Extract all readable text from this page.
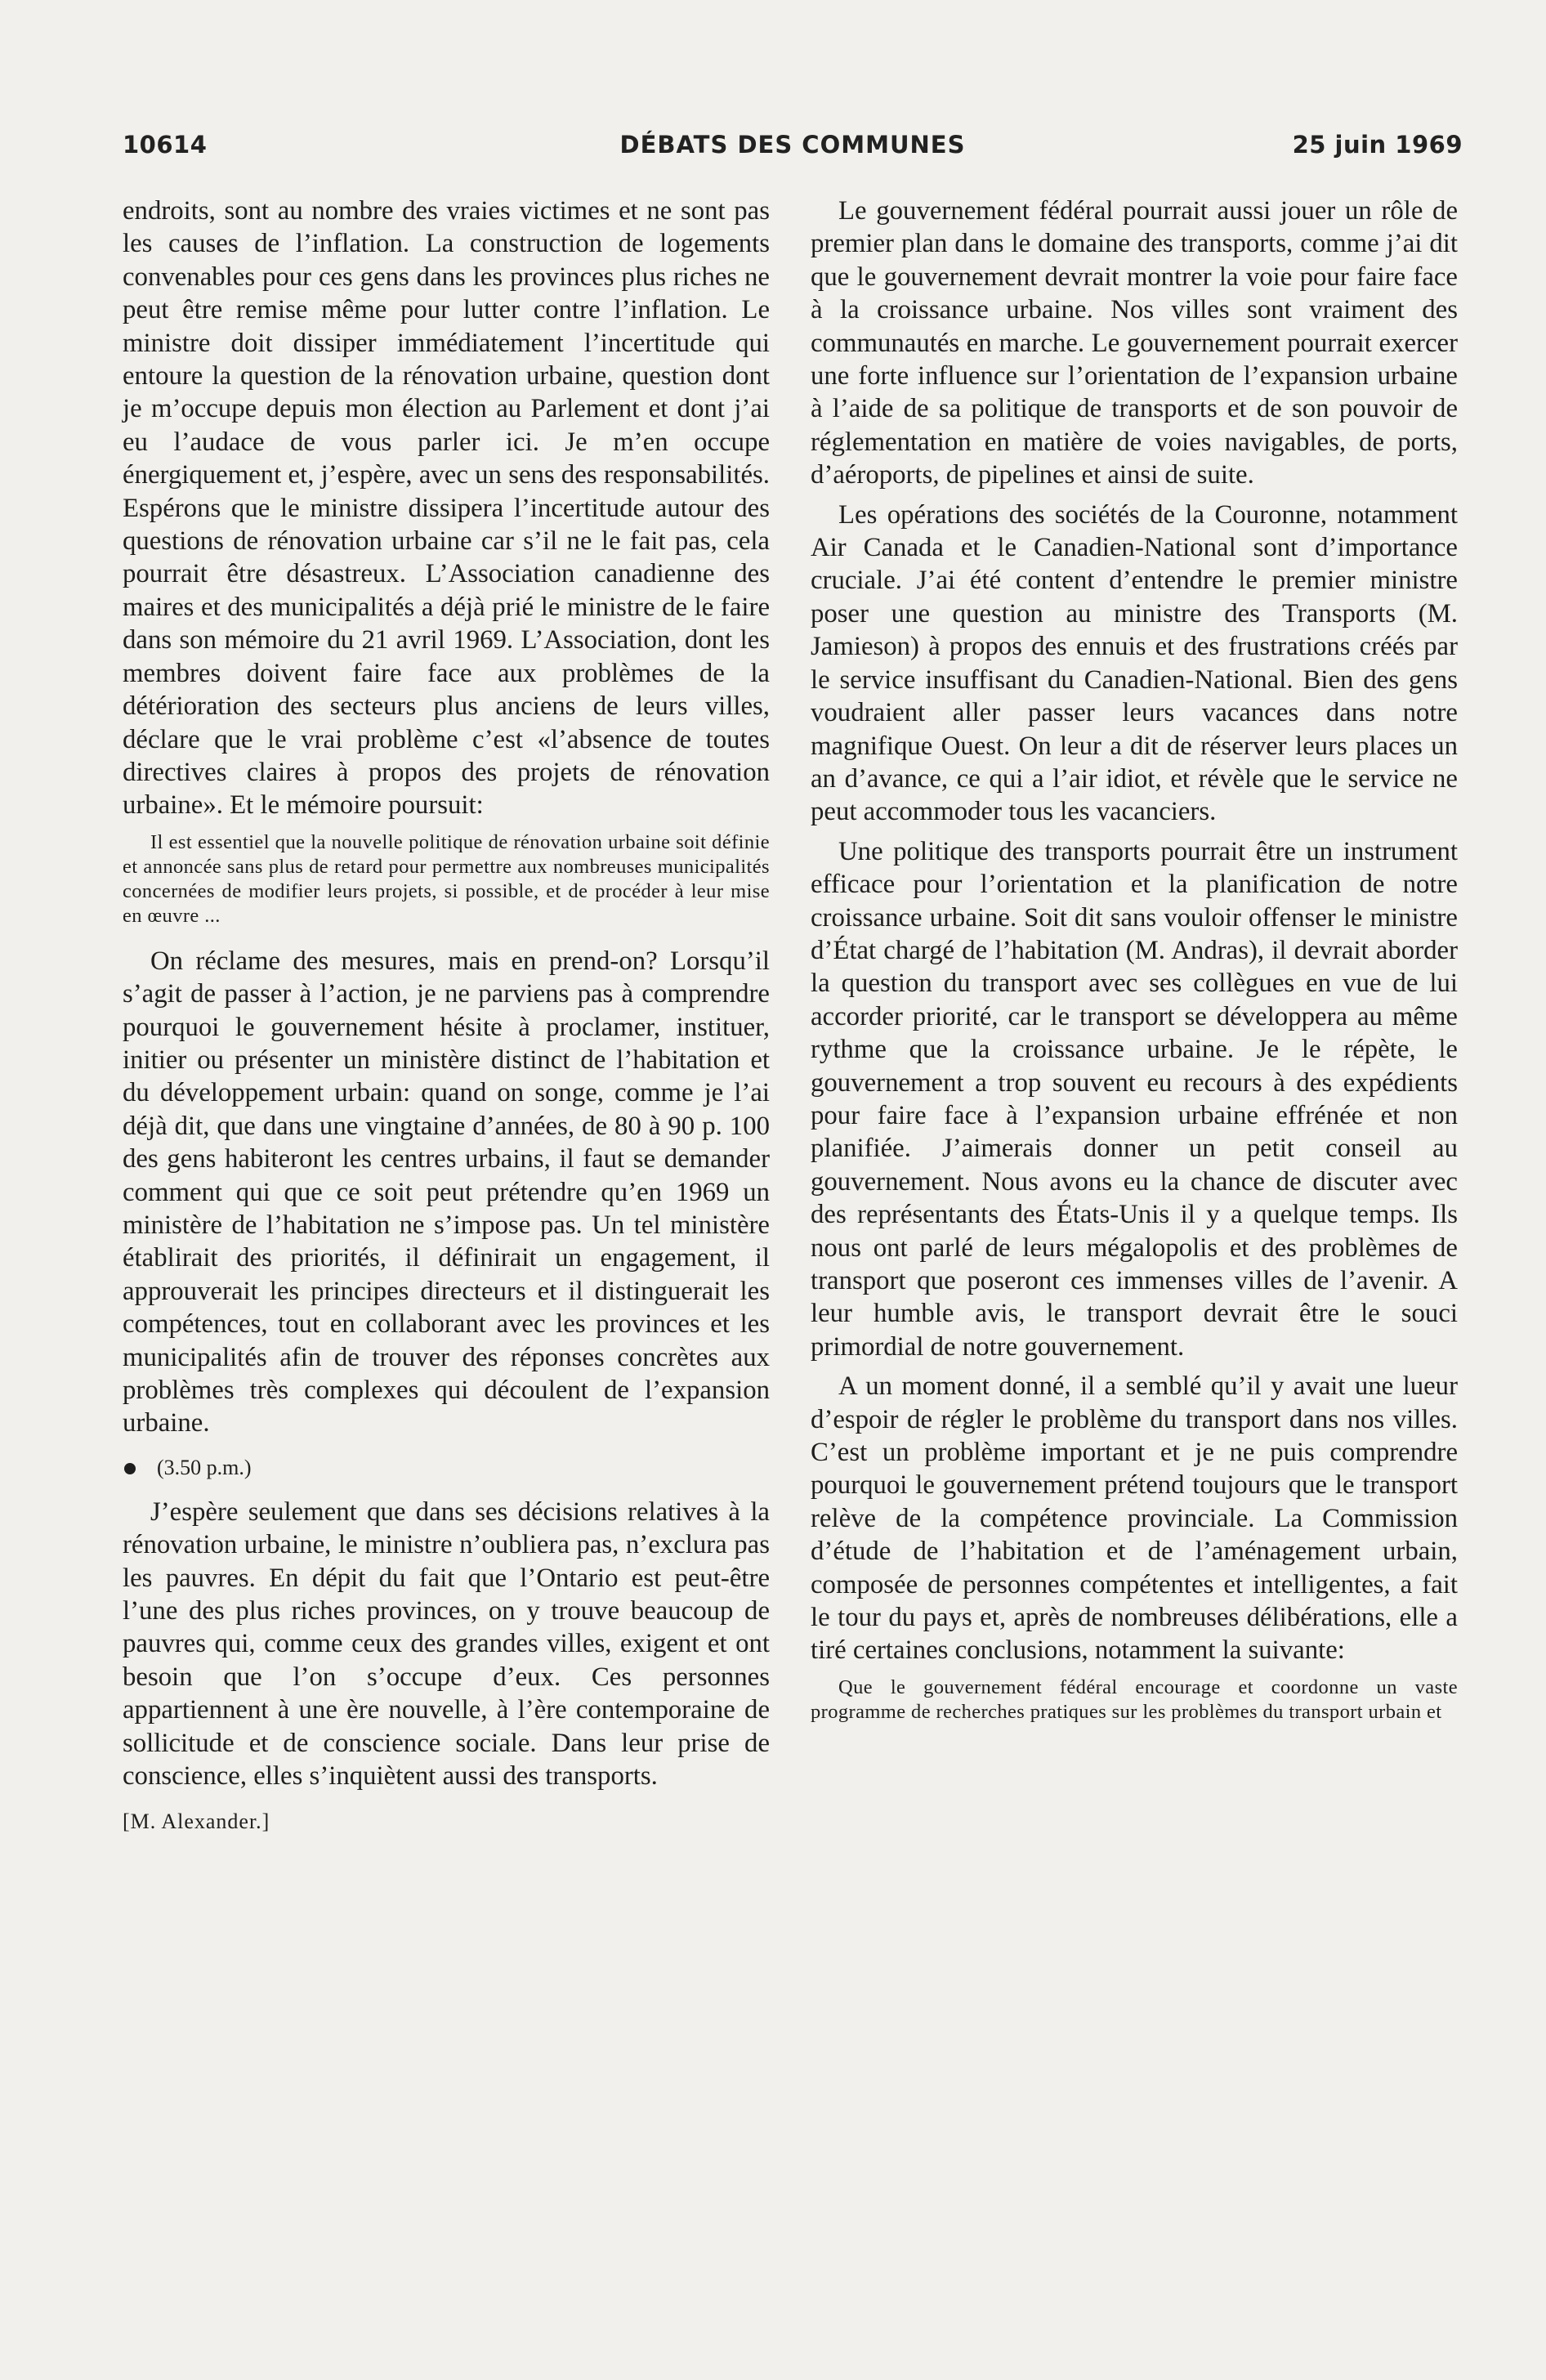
DÉBATS DES COMMUNES
10614	25 juin 1969

endroits, sont au nombre des vraies victimes et ne sont pas les causes de l’inflation. La construction de logements convenables pour ces gens dans les provinces plus riches ne peut être remise même pour lutter contre l’inflation. Le ministre doit dissiper immédiatement l’incertitude qui entoure la question de la rénovation urbaine, question dont je m’occupe depuis mon élection au Parlement et dont j’ai eu l’audace de vous parler ici. Je m’en occupe énergiquement et, j’espère, avec un sens des responsabilités. Espérons que le ministre dissipera l’incertitude autour des questions de rénovation urbaine car s’il ne le fait pas, cela pourrait être désastreux. L’Association canadienne des maires et des municipalités a déjà prié le ministre de le faire dans son mémoire du 21 avril 1969. L’Association, dont les membres doivent faire face aux problèmes de la détérioration des secteurs plus anciens de leurs villes, déclare que le vrai problème c’est «l’absence de toutes directives claires à propos des projets de rénovation urbaine». Et le mémoire poursuit:

Il est essentiel que la nouvelle politique de rénovation urbaine soit définie et annoncée sans plus de retard pour permettre aux nombreuses municipalités concernées de modifier leurs projets, si possible, et de procéder à leur mise en œuvre ...

On réclame des mesures, mais en prend-on? Lorsqu’il s’agit de passer à l’action, je ne parviens pas à comprendre pourquoi le gouvernement hésite à proclamer, instituer, initier ou présenter un ministère distinct de l’habitation et du développement urbain: quand on songe, comme je l’ai déjà dit, que dans une vingtaine d’années, de 80 à 90 p. 100 des gens habiteront les centres urbains, il faut se demander comment qui que ce soit peut prétendre qu’en 1969 un ministère de l’habitation ne s’impose pas. Un tel ministère établirait des priorités, il définirait un engagement, il approuverait les principes directeurs et il distinguerait les compétences, tout en collaborant avec les provinces et les municipalités afin de trouver des réponses concrètes aux problèmes très complexes qui découlent de l’expansion urbaine.

(3.50 p.m.)

J’espère seulement que dans ses décisions relatives à la rénovation urbaine, le ministre n’oubliera pas, n’exclura pas les pauvres. En dépit du fait que l’Ontario est peut-être l’une des plus riches provinces, on y trouve beaucoup de pauvres qui, comme ceux des grandes villes, exigent et ont besoin que l’on s’occupe d’eux. Ces personnes appartiennent à une ère nouvelle, à l’ère contemporaine de sollicitude et de conscience sociale. Dans leur prise de conscience, elles s’inquiètent aussi des transports.

[M. Alexander.]

Le gouvernement fédéral pourrait aussi jouer un rôle de premier plan dans le domaine des transports, comme j’ai dit que le gouvernement devrait montrer la voie pour faire face à la croissance urbaine. Nos villes sont vraiment des communautés en marche. Le gouvernement pourrait exercer une forte influence sur l’orientation de l’expansion urbaine à l’aide de sa politique de transports et de son pouvoir de réglementation en matière de voies navigables, de ports, d’aéroports, de pipelines et ainsi de suite.

Les opérations des sociétés de la Couronne, notamment Air Canada et le Canadien-National sont d’importance cruciale. J’ai été content d’entendre le premier ministre poser une question au ministre des Transports (M. Jamieson) à propos des ennuis et des frustrations créés par le service insuffisant du Canadien-National. Bien des gens voudraient aller passer leurs vacances dans notre magnifique Ouest. On leur a dit de réserver leurs places un an d’avance, ce qui a l’air idiot, et révèle que le service ne peut accommoder tous les vacanciers.

Une politique des transports pourrait être un instrument efficace pour l’orientation et la planification de notre croissance urbaine. Soit dit sans vouloir offenser le ministre d’État chargé de l’habitation (M. Andras), il devrait aborder la question du transport avec ses collègues en vue de lui accorder priorité, car le transport se développera au même rythme que la croissance urbaine. Je le répète, le gouvernement a trop souvent eu recours à des expédients pour faire face à l’expansion urbaine effrénée et non planifiée. J’aimerais donner un petit conseil au gouvernement. Nous avons eu la chance de discuter avec des représentants des États-Unis il y a quelque temps. Ils nous ont parlé de leurs mégalopolis et des problèmes de transport que poseront ces immenses villes de l’avenir. A leur humble avis, le transport devrait être le souci primordial de notre gouvernement.

A un moment donné, il a semblé qu’il y avait une lueur d’espoir de régler le problème du transport dans nos villes. C’est un problème important et je ne puis comprendre pourquoi le gouvernement prétend toujours que le transport relève de la compétence provinciale. La Commission d’étude de l’habitation et de l’aménagement urbain, composée de personnes compétentes et intelligentes, a fait le tour du pays et, après de nombreuses délibérations, elle a tiré certaines conclusions, notamment la suivante:

Que le gouvernement fédéral encourage et coordonne un vaste programme de recherches pratiques sur les problèmes du transport urbain et
